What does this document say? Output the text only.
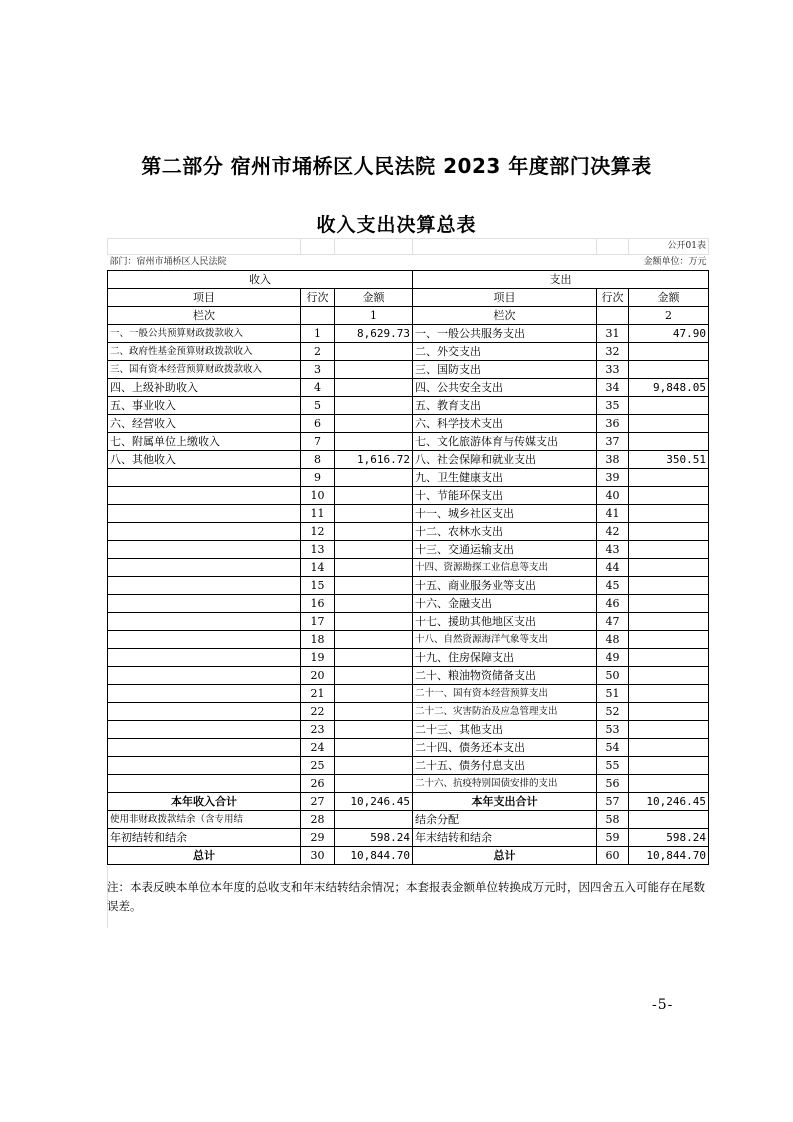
第二部分 宿州市埇桥区人民法院 2023 年度部门决算表
收入支出决算总表
					公开01表
部门：宿州市埇桥区人民法院					金额单位：万元
收入			支出		
项目	行次	金额	项目	行次	金额
栏次		1	栏次		2
一、一般公共预算财政拨款收入	1	8,629.73	一、一般公共服务支出	31	47.90
二、政府性基金预算财政拨款收入	2		二、外交支出	32	
三、国有资本经营预算财政拨款收入	3		三、国防支出	33	
四、上级补助收入	4		四、公共安全支出	34	9,848.05
五、事业收入	5		五、教育支出	35	
六、经营收入	6		六、科学技术支出	36	
七、附属单位上缴收入	7		七、文化旅游体育与传媒支出	37	
八、其他收入	8	1,616.72	八、社会保障和就业支出	38	350.51
	9		九、卫生健康支出	39	
	10		十、节能环保支出	40	
	11		十一、城乡社区支出	41	
	12		十二、农林水支出	42	
	13		十三、交通运输支出	43	
	14		十四、资源勘探工业信息等支出	44	
	15		十五、商业服务业等支出	45	
	16		十六、金融支出	46	
	17		十七、援助其他地区支出	47	
	18		十八、自然资源海洋气象等支出	48	
	19		十九、住房保障支出	49	
	20		二十、粮油物资储备支出	50	
	21		二十一、国有资本经营预算支出	51	
	22		二十二、灾害防治及应急管理支出	52	
	23		二十三、其他支出	53	
	24		二十四、债务还本支出	54	
	25		二十五、债务付息支出	55	
	26		二十六、抗疫特别国债安排的支出	56	
本年收入合计	27	10,246.45	本年支出合计	57	10,246.45
使用非财政拨款结余（含专用结	28		结余分配	58	
年初结转和结余	29	598.24	年末结转和结余	59	598.24
总计	30	10,844.70	总计	60	10,844.70
注：本表反映本单位本年度的总收支和年末结转结余情况；本套报表金额单位转换成万元时，因四舍五入可能存在尾数误差。
-5-
